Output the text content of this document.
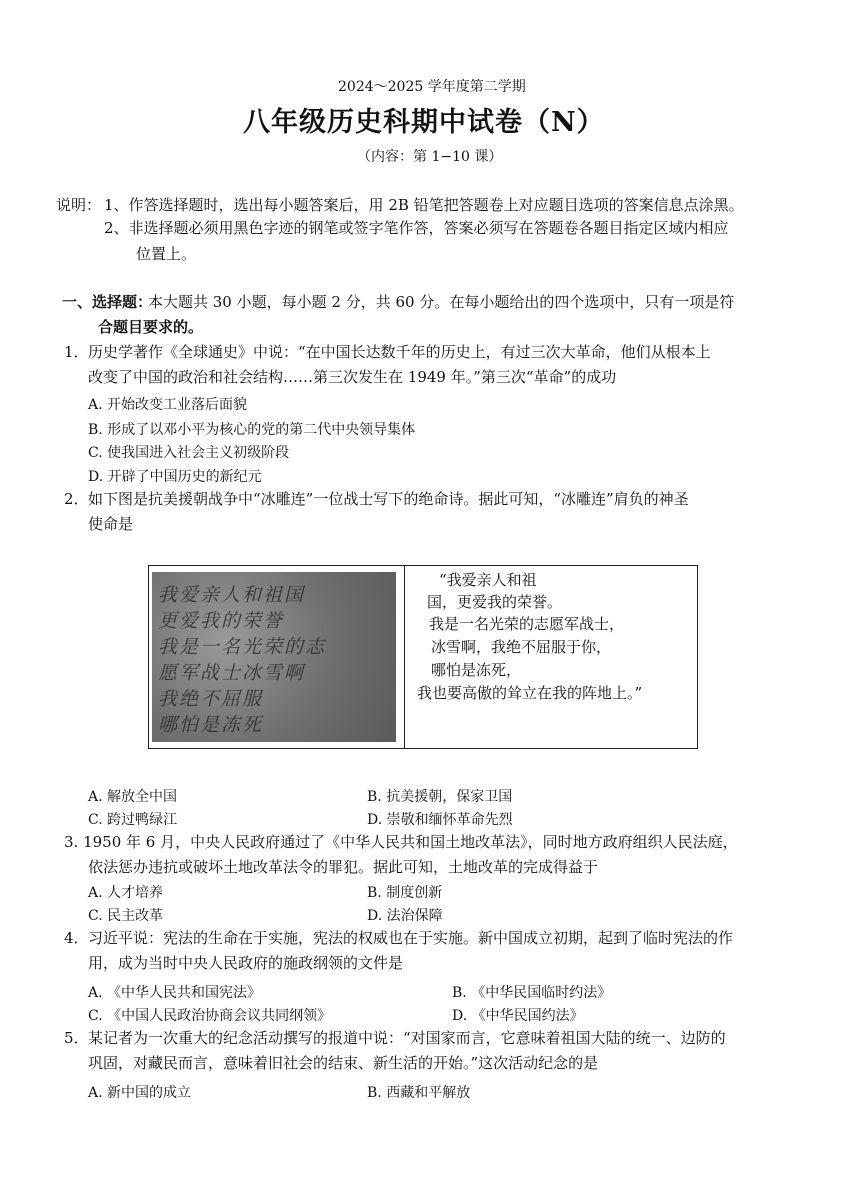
2024～2025 学年度第二学期
八年级历史科期中试卷（N）
（内容：第 1−10 课）
说明： 1、作答选择题时，选出每小题答案后，用 2B 铅笔把答题卷上对应题目选项的答案信息点涂黑。
2、非选择题必须用黑色字迹的钢笔或签字笔作答，答案必须写在答题卷各题目指定区域内相应
位置上。
一、选择题：
本大题共 30 小题，每小题 2 分，共 60 分。在每小题给出的四个选项中，只有一项是符
合题目要求的。
1． 历史学著作《全球通史》中说：“在中国长达数千年的历史上，有过三次大革命，他们从根本上
改变了中国的政治和社会结构……第三次发生在 1949 年。”第三次“革命”的成功
A. 开始改变工业落后面貌
B. 形成了以邓小平为核心的党的第二代中央领导集体
C. 使我国进入社会主义初级阶段
D. 开辟了中国历史的新纪元
2． 如下图是抗美援朝战争中“冰雕连”一位战士写下的绝命诗。据此可知，“冰雕连”肩负的神圣
使命是
我爱亲人和祖国
更爱我的荣誉
我是一名光荣的志
愿军战士冰雪啊
我绝不屈服
哪怕是冻死
“我爱亲人和祖
国，更爱我的荣誉。
我是一名光荣的志愿军战士，
冰雪啊，我绝不屈服于你，
哪怕是冻死，
我也要高傲的耸立在我的阵地上。”
A. 解放全中国	B. 抗美援朝，保家卫国
C. 跨过鸭绿江	D. 崇敬和缅怀革命先烈
3. 1950 年 6 月，中央人民政府通过了《中华人民共和国土地改革法》，同时地方政府组织人民法庭，
依法惩办违抗或破坏土地改革法令的罪犯。据此可知，土地改革的完成得益于
A. 人才培养	B. 制度创新
C. 民主改革	D. 法治保障
4． 习近平说：宪法的生命在于实施，宪法的权威也在于实施。新中国成立初期，起到了临时宪法的作
用，成为当时中央人民政府的施政纲领的文件是
A. 《中华人民共和国宪法》	B. 《中华民国临时约法》
C. 《中国人民政治协商会议共同纲领》	D. 《中华民国约法》
5． 某记者为一次重大的纪念活动撰写的报道中说：“对国家而言，它意味着祖国大陆的统一、边防的
巩固，对藏民而言，意味着旧社会的结束、新生活的开始。”这次活动纪念的是
A. 新中国的成立	B. 西藏和平解放
